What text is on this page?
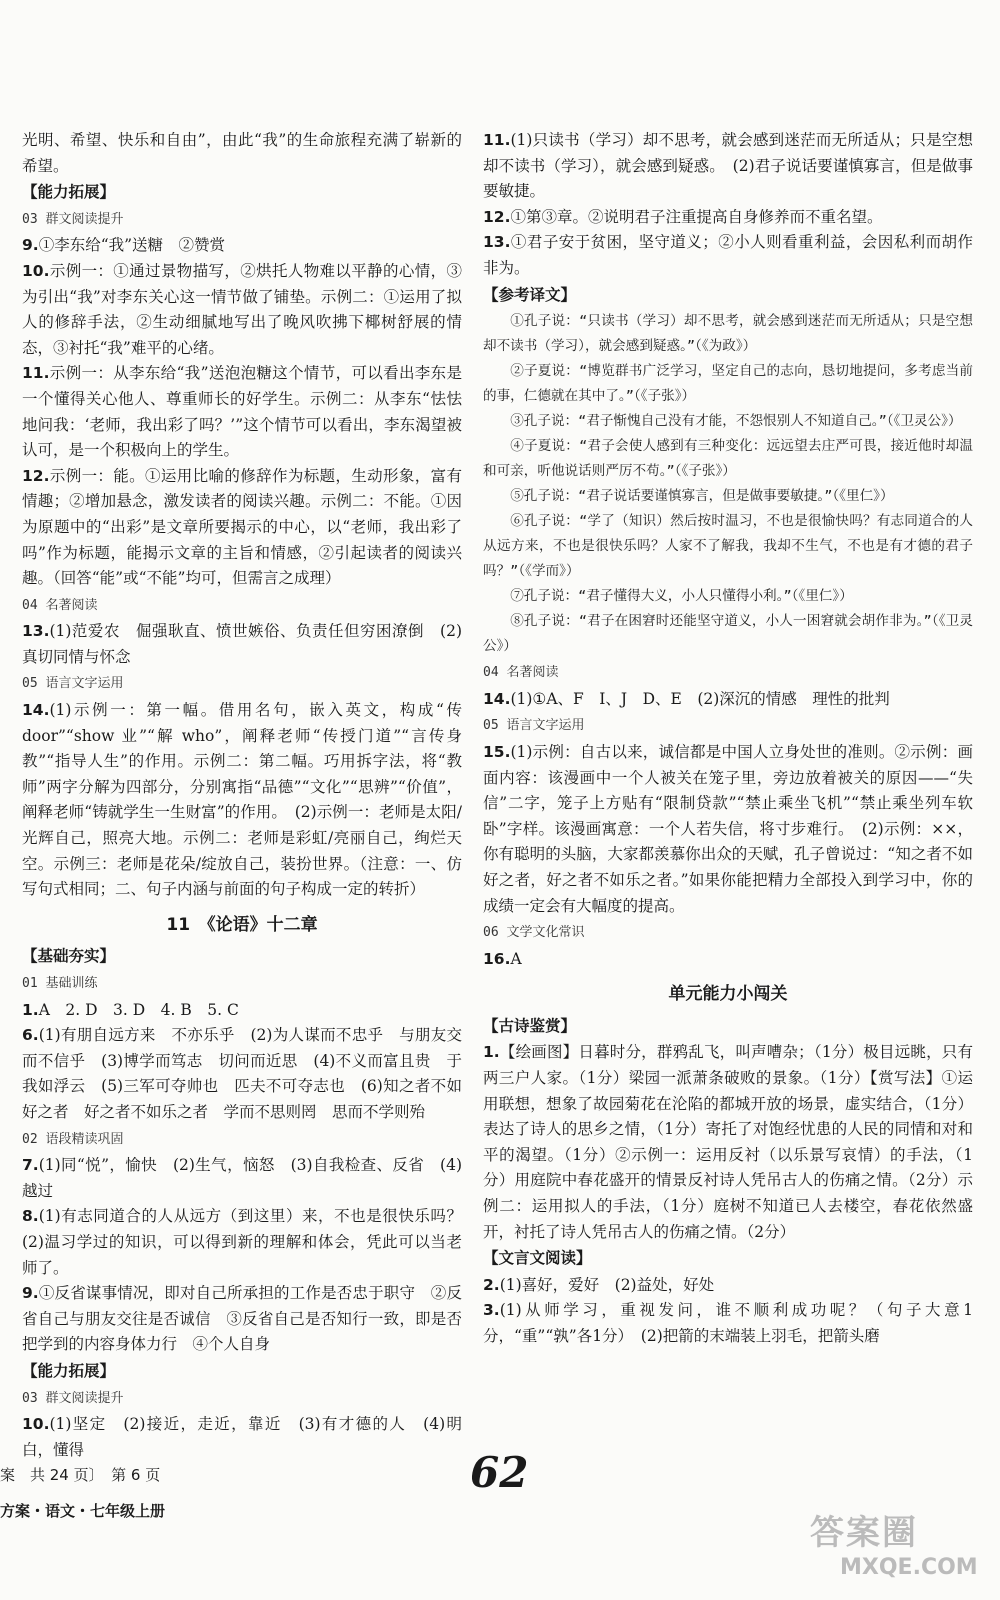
光明、希望、快乐和自由”，由此“我”的生命旅程充满了崭新的希望。
【能力拓展】
03 群文阅读提升
9.①李东给“我”送糖　②赞赏
10.示例一：①通过景物描写，②烘托人物难以平静的心情，③为引出“我”对李东关心这一情节做了铺垫。示例二：①运用了拟人的修辞手法，②生动细腻地写出了晚风吹拂下椰树舒展的情态，③衬托“我”难平的心绪。
11.示例一：从李东给“我”送泡泡糖这个情节，可以看出李东是一个懂得关心他人、尊重师长的好学生。示例二：从李东“怯怯地问我：‘老师，我出彩了吗？’”这个情节可以看出，李东渴望被认可，是一个积极向上的学生。
12.示例一：能。①运用比喻的修辞作为标题，生动形象，富有情趣；②增加悬念，激发读者的阅读兴趣。示例二：不能。①因为原题中的“出彩”是文章所要揭示的中心，以“老师，我出彩了吗”作为标题，能揭示文章的主旨和情感，②引起读者的阅读兴趣。（回答“能”或“不能”均可，但需言之成理）
04 名著阅读
13.(1)范爱农　倔强耿直、愤世嫉俗、负责任但穷困潦倒　(2)真切同情与怀念
05 语言文字运用
14.(1)示例一：第一幅。借用名句，嵌入英文，构成“传 door”“show 业”“解 who”，阐释老师“传授门道”“言传身教”“指导人生”的作用。示例二：第二幅。巧用拆字法，将“教师”两字分解为四部分，分别寓指“品德”“文化”“思辨”“价值”，阐释老师“铸就学生一生财富”的作用。　(2)示例一：老师是太阳/光辉自己，照亮大地。示例二：老师是彩虹/亮丽自己，绚烂天空。示例三：老师是花朵/绽放自己，装扮世界。（注意：一、仿写句式相同；二、句子内涵与前面的句子构成一定的转折）
11　《论语》十二章
【基础夯实】
01 基础训练
1.A　2. D　3. D　4. B　5. C
6.(1)有朋自远方来　不亦乐乎　(2)为人谋而不忠乎　与朋友交而不信乎　(3)博学而笃志　切问而近思　(4)不义而富且贵　于我如浮云　(5)三军可夺帅也　匹夫不可夺志也　(6)知之者不如好之者　好之者不如乐之者　学而不思则罔　思而不学则殆
02 语段精读巩固
7.(1)同“悦”，愉快　(2)生气，恼怒　(3)自我检查、反省　(4)越过
8.(1)有志同道合的人从远方（到这里）来，不也是很快乐吗？　(2)温习学过的知识，可以得到新的理解和体会，凭此可以当老师了。
9.①反省谋事情况，即对自己所承担的工作是否忠于职守　②反省自己与朋友交往是否诚信　③反省自己是否知行一致，即是否把学到的内容身体力行　④个人自身
【能力拓展】
03 群文阅读提升
10.(1)坚定　(2)接近，走近，靠近　(3)有才德的人　(4)明白，懂得
11.(1)只读书（学习）却不思考，就会感到迷茫而无所适从；只是空想却不读书（学习），就会感到疑惑。　(2)君子说话要谨慎寡言，但是做事要敏捷。
12.①第③章。②说明君子注重提高自身修养而不重名望。
13.①君子安于贫困，坚守道义；②小人则看重利益，会因私利而胡作非为。
【参考译文】
①孔子说：“只读书（学习）却不思考，就会感到迷茫而无所适从；只是空想却不读书（学习），就会感到疑惑。”（《为政》）
②子夏说：“博览群书广泛学习，坚定自己的志向，恳切地提问，多考虑当前的事，仁德就在其中了。”（《子张》）
③孔子说：“君子惭愧自己没有才能，不怨恨别人不知道自己。”（《卫灵公》）
④子夏说：“君子会使人感到有三种变化：远远望去庄严可畏，接近他时却温和可亲，听他说话则严厉不苟。”（《子张》）
⑤孔子说：“君子说话要谨慎寡言，但是做事要敏捷。”（《里仁》）
⑥孔子说：“学了（知识）然后按时温习，不也是很愉快吗？有志同道合的人从远方来，不也是很快乐吗？人家不了解我，我却不生气，不也是有才德的君子吗？”（《学而》）
⑦孔子说：“君子懂得大义，小人只懂得小利。”（《里仁》）
⑧孔子说：“君子在困窘时还能坚守道义，小人一困窘就会胡作非为。”（《卫灵公》）
04 名著阅读
14.(1)①A、F　I、J　D、E　(2)深沉的情感　理性的批判
05 语言文字运用
15.(1)示例：自古以来，诚信都是中国人立身处世的准则。②示例：画面内容：该漫画中一个人被关在笼子里，旁边放着被关的原因——“失信”二字，笼子上方贴有“限制贷款”“禁止乘坐飞机”“禁止乘坐列车软卧”字样。该漫画寓意：一个人若失信，将寸步难行。　(2)示例：××，你有聪明的头脑，大家都羡慕你出众的天赋，孔子曾说过：“知之者不如好之者，好之者不如乐之者。”如果你能把精力全部投入到学习中，你的成绩一定会有大幅度的提高。
06 文学文化常识
16.A
单元能力小闯关
【古诗鉴赏】
1.【绘画图】日暮时分，群鸦乱飞，叫声嘈杂；（1分）极目远眺，只有两三户人家。（1分）梁园一派萧条破败的景象。（1分）【赏写法】①运用联想，想象了故园菊花在沦陷的都城开放的场景，虚实结合，（1分）表达了诗人的思乡之情，（1分）寄托了对饱经忧患的人民的同情和对和平的渴望。（1分）②示例一：运用反衬（以乐景写哀情）的手法，（1分）用庭院中春花盛开的情景反衬诗人凭吊古人的伤痛之情。（2分）示例二：运用拟人的手法，（1分）庭树不知道已人去楼空，春花依然盛开，衬托了诗人凭吊古人的伤痛之情。（2分）
【文言文阅读】
2.(1)喜好，爱好　(2)益处，好处
3.(1)从师学习，重视发问，谁不顺利成功呢？（句子大意1分，“重”“孰”各1分）　(2)把箭的末端装上羽毛，把箭头磨
案　共 24 页〕　第 6 页
方案・语文・七年级上册
62
答案圈
MXQE.COM
